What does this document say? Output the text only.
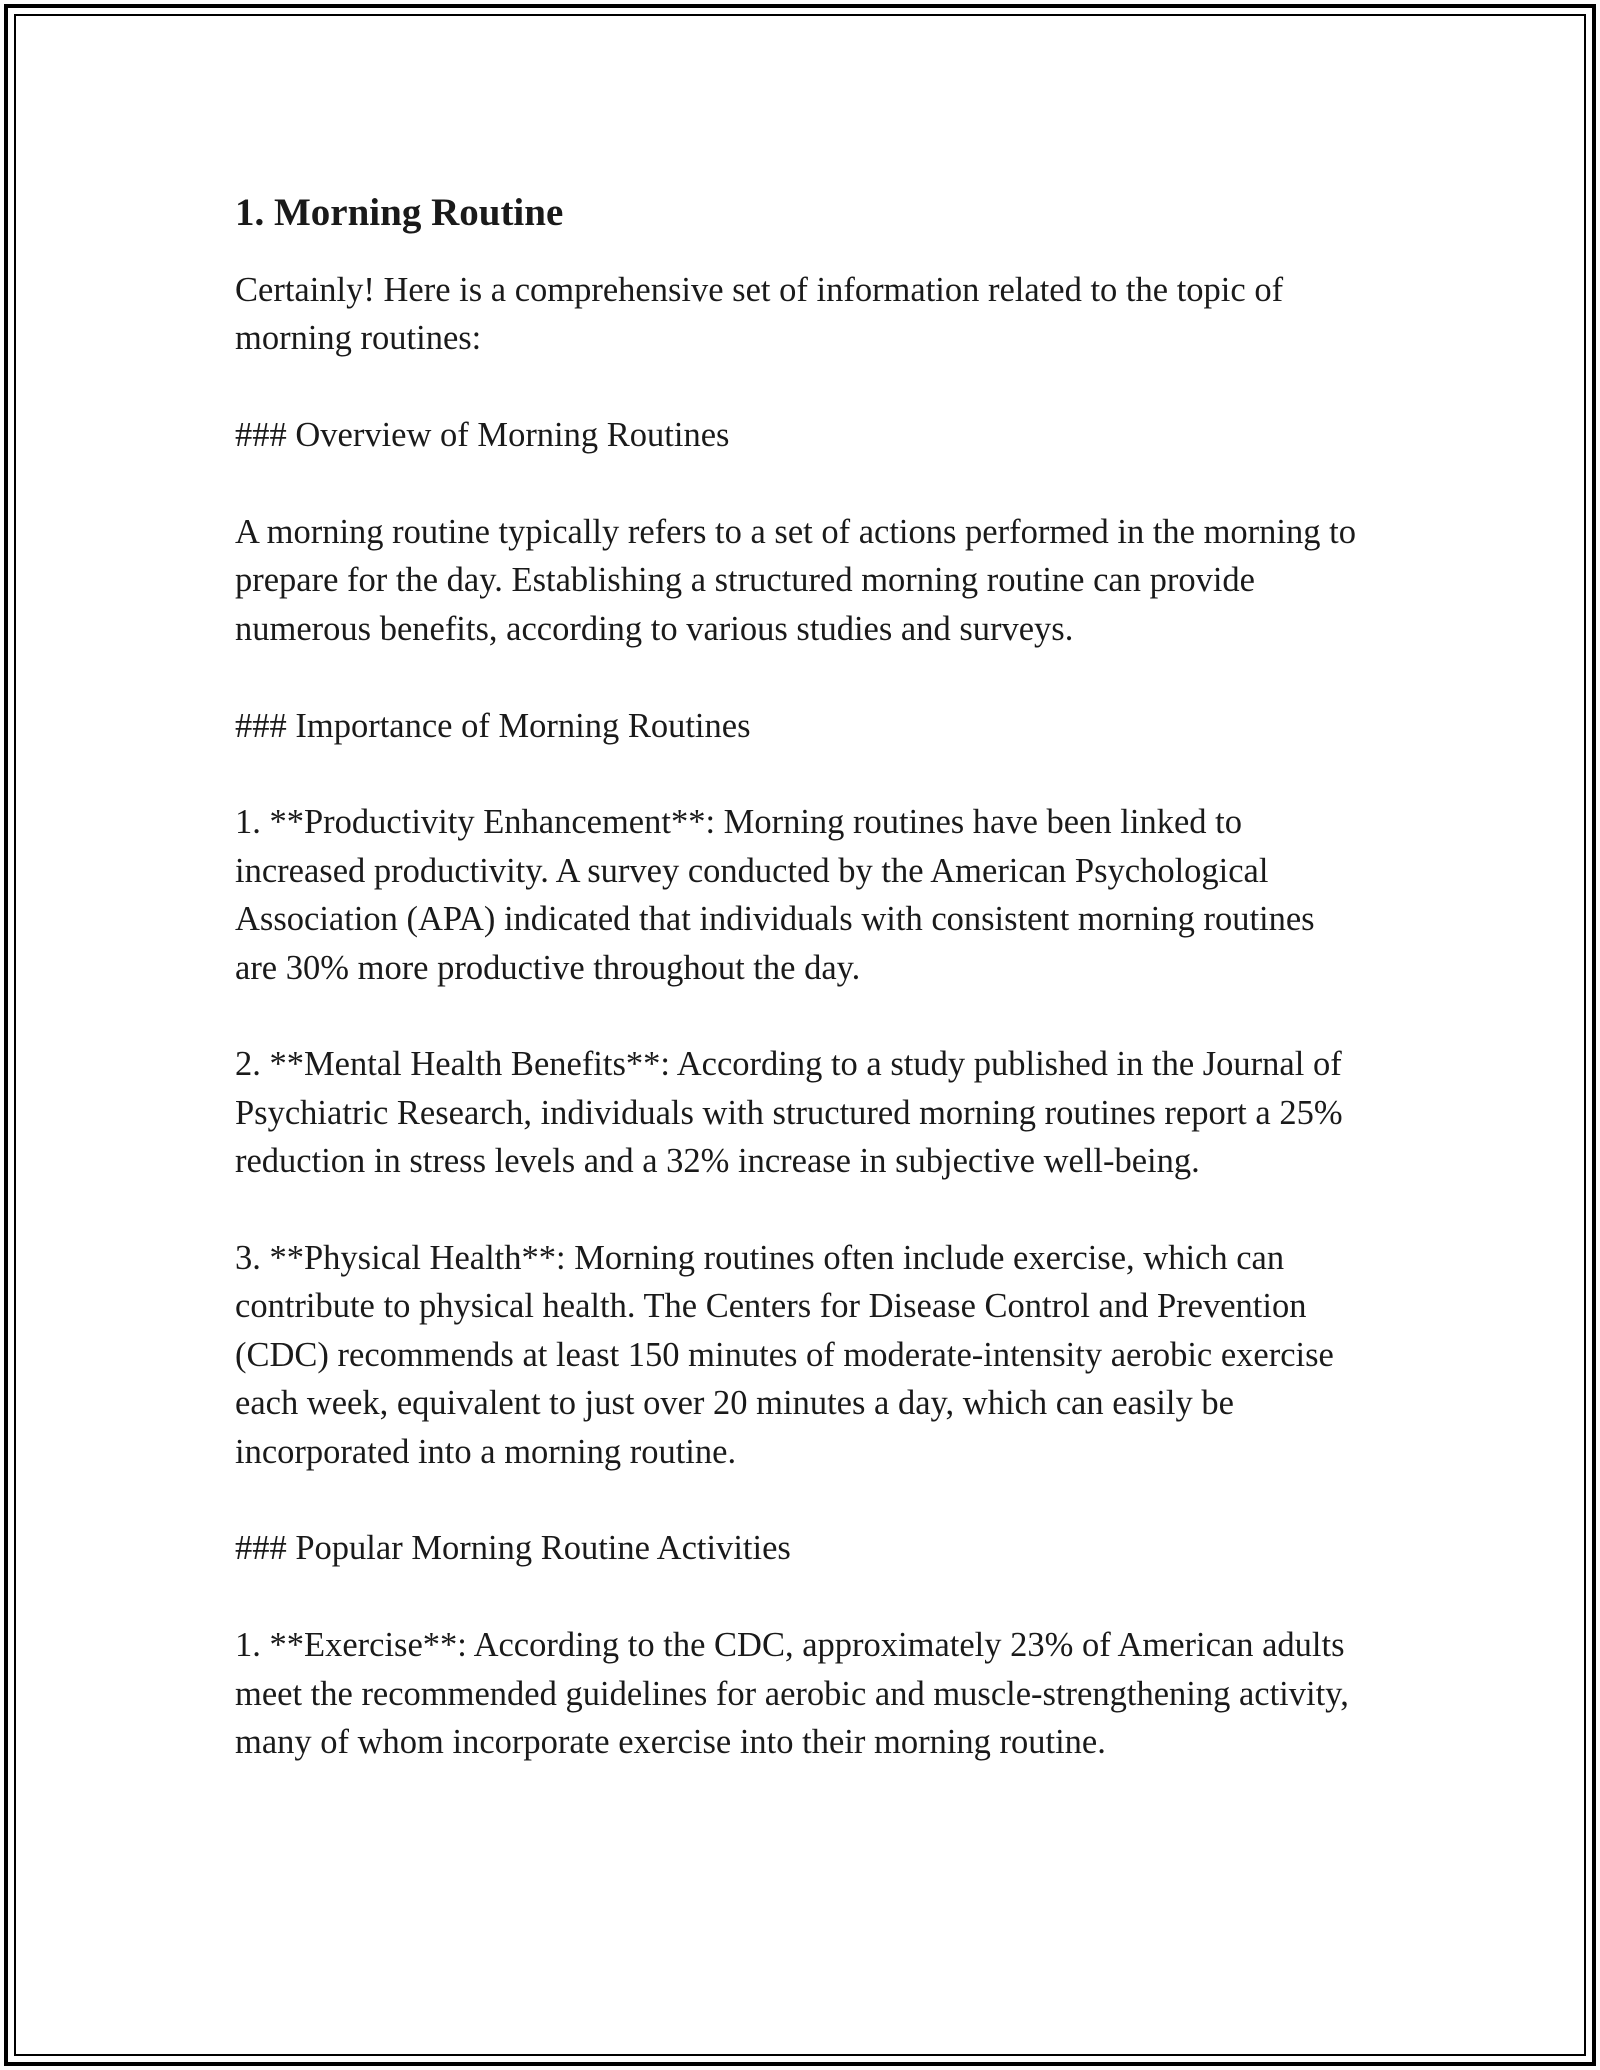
1. Morning Routine

Certainly! Here is a comprehensive set of information related to the topic of morning routines:

### Overview of Morning Routines

A morning routine typically refers to a set of actions performed in the morning to prepare for the day. Establishing a structured morning routine can provide numerous benefits, according to various studies and surveys.

### Importance of Morning Routines

1. **Productivity Enhancement**: Morning routines have been linked to increased productivity. A survey conducted by the American Psychological Association (APA) indicated that individuals with consistent morning routines are 30% more productive throughout the day.

2. **Mental Health Benefits**: According to a study published in the Journal of Psychiatric Research, individuals with structured morning routines report a 25% reduction in stress levels and a 32% increase in subjective well-being.

3. **Physical Health**: Morning routines often include exercise, which can contribute to physical health. The Centers for Disease Control and Prevention (CDC) recommends at least 150 minutes of moderate-intensity aerobic exercise each week, equivalent to just over 20 minutes a day, which can easily be incorporated into a morning routine.

### Popular Morning Routine Activities

1. **Exercise**: According to the CDC, approximately 23% of American adults meet the recommended guidelines for aerobic and muscle-strengthening activity, many of whom incorporate exercise into their morning routine.
